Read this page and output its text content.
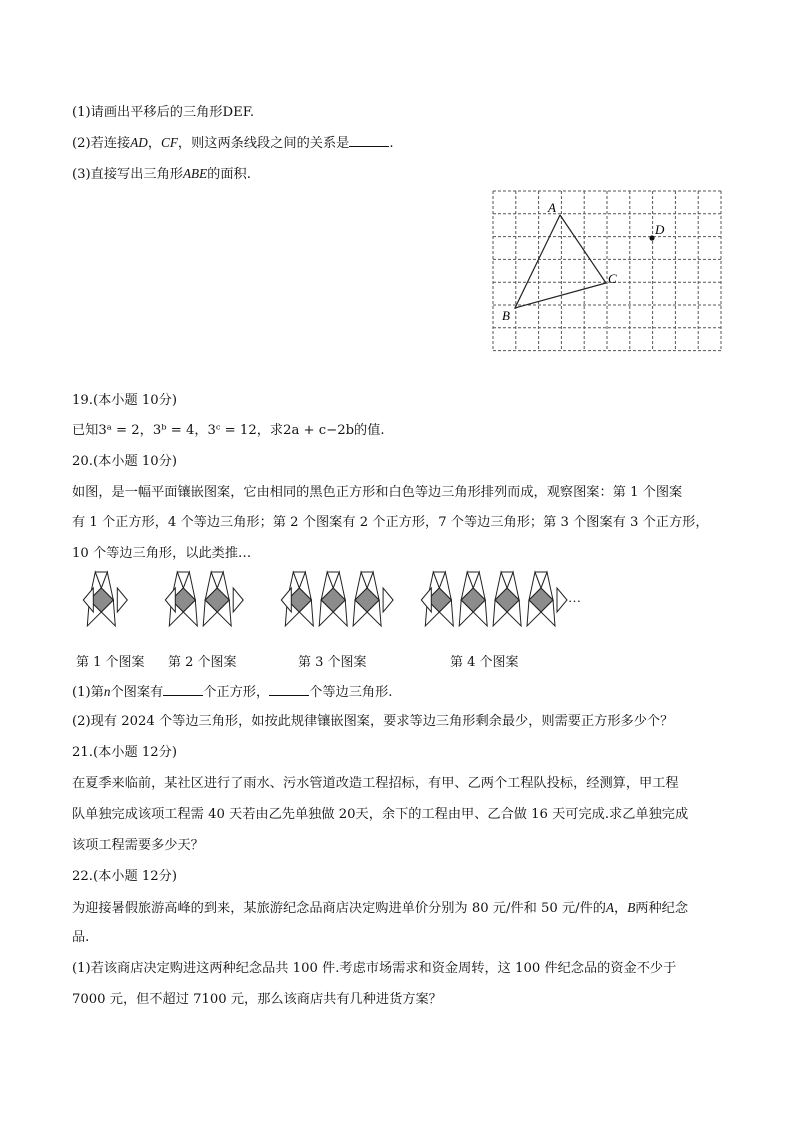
(1)请画出平移后的三角形DEF.
(2)若连接AD，CF，则这两条线段之间的关系是	.
(3)直接写出三角形ABE的面积.
A
B
C
D
19.(本小题 10分)
已知3ᵃ = 2，3ᵇ = 4，3ᶜ = 12，求2a + c−2b的值.
20.(本小题 10分)
如图，是一幅平面镶嵌图案，它由相同的黑色正方形和白色等边三角形排列而成，观察图案：第 1 个图案
有 1 个正方形，4 个等边三角形；第 2 个图案有 2 个正方形，7 个等边三角形；第 3 个图案有 3 个正方形，
10 个等边三角形，以此类推…
…
第 1 个图案 第 2 个图案	第 3 个图案	第 4 个图案
(1)第n个图案有	个正方形，	个等边三角形.
(2)现有 2024 个等边三角形，如按此规律镶嵌图案，要求等边三角形剩余最少，则需要正方形多少个？
21.(本小题 12分)
在夏季来临前，某社区进行了雨水、污水管道改造工程招标，有甲、乙两个工程队投标，经测算，甲工程
队单独完成该项工程需 40 天若由乙先单独做 20天，余下的工程由甲、乙合做 16 天可完成.求乙单独完成
该项工程需要多少天？
22.(本小题 12分)
为迎接暑假旅游高峰的到来，某旅游纪念品商店决定购进单价分别为 80 元/件和 50 元/件的A，B两种纪念
品.
(1)若该商店决定购进这两种纪念品共 100 件.考虑市场需求和资金周转，这 100 件纪念品的资金不少于
7000 元，但不超过 7100 元，那么该商店共有几种进货方案？
